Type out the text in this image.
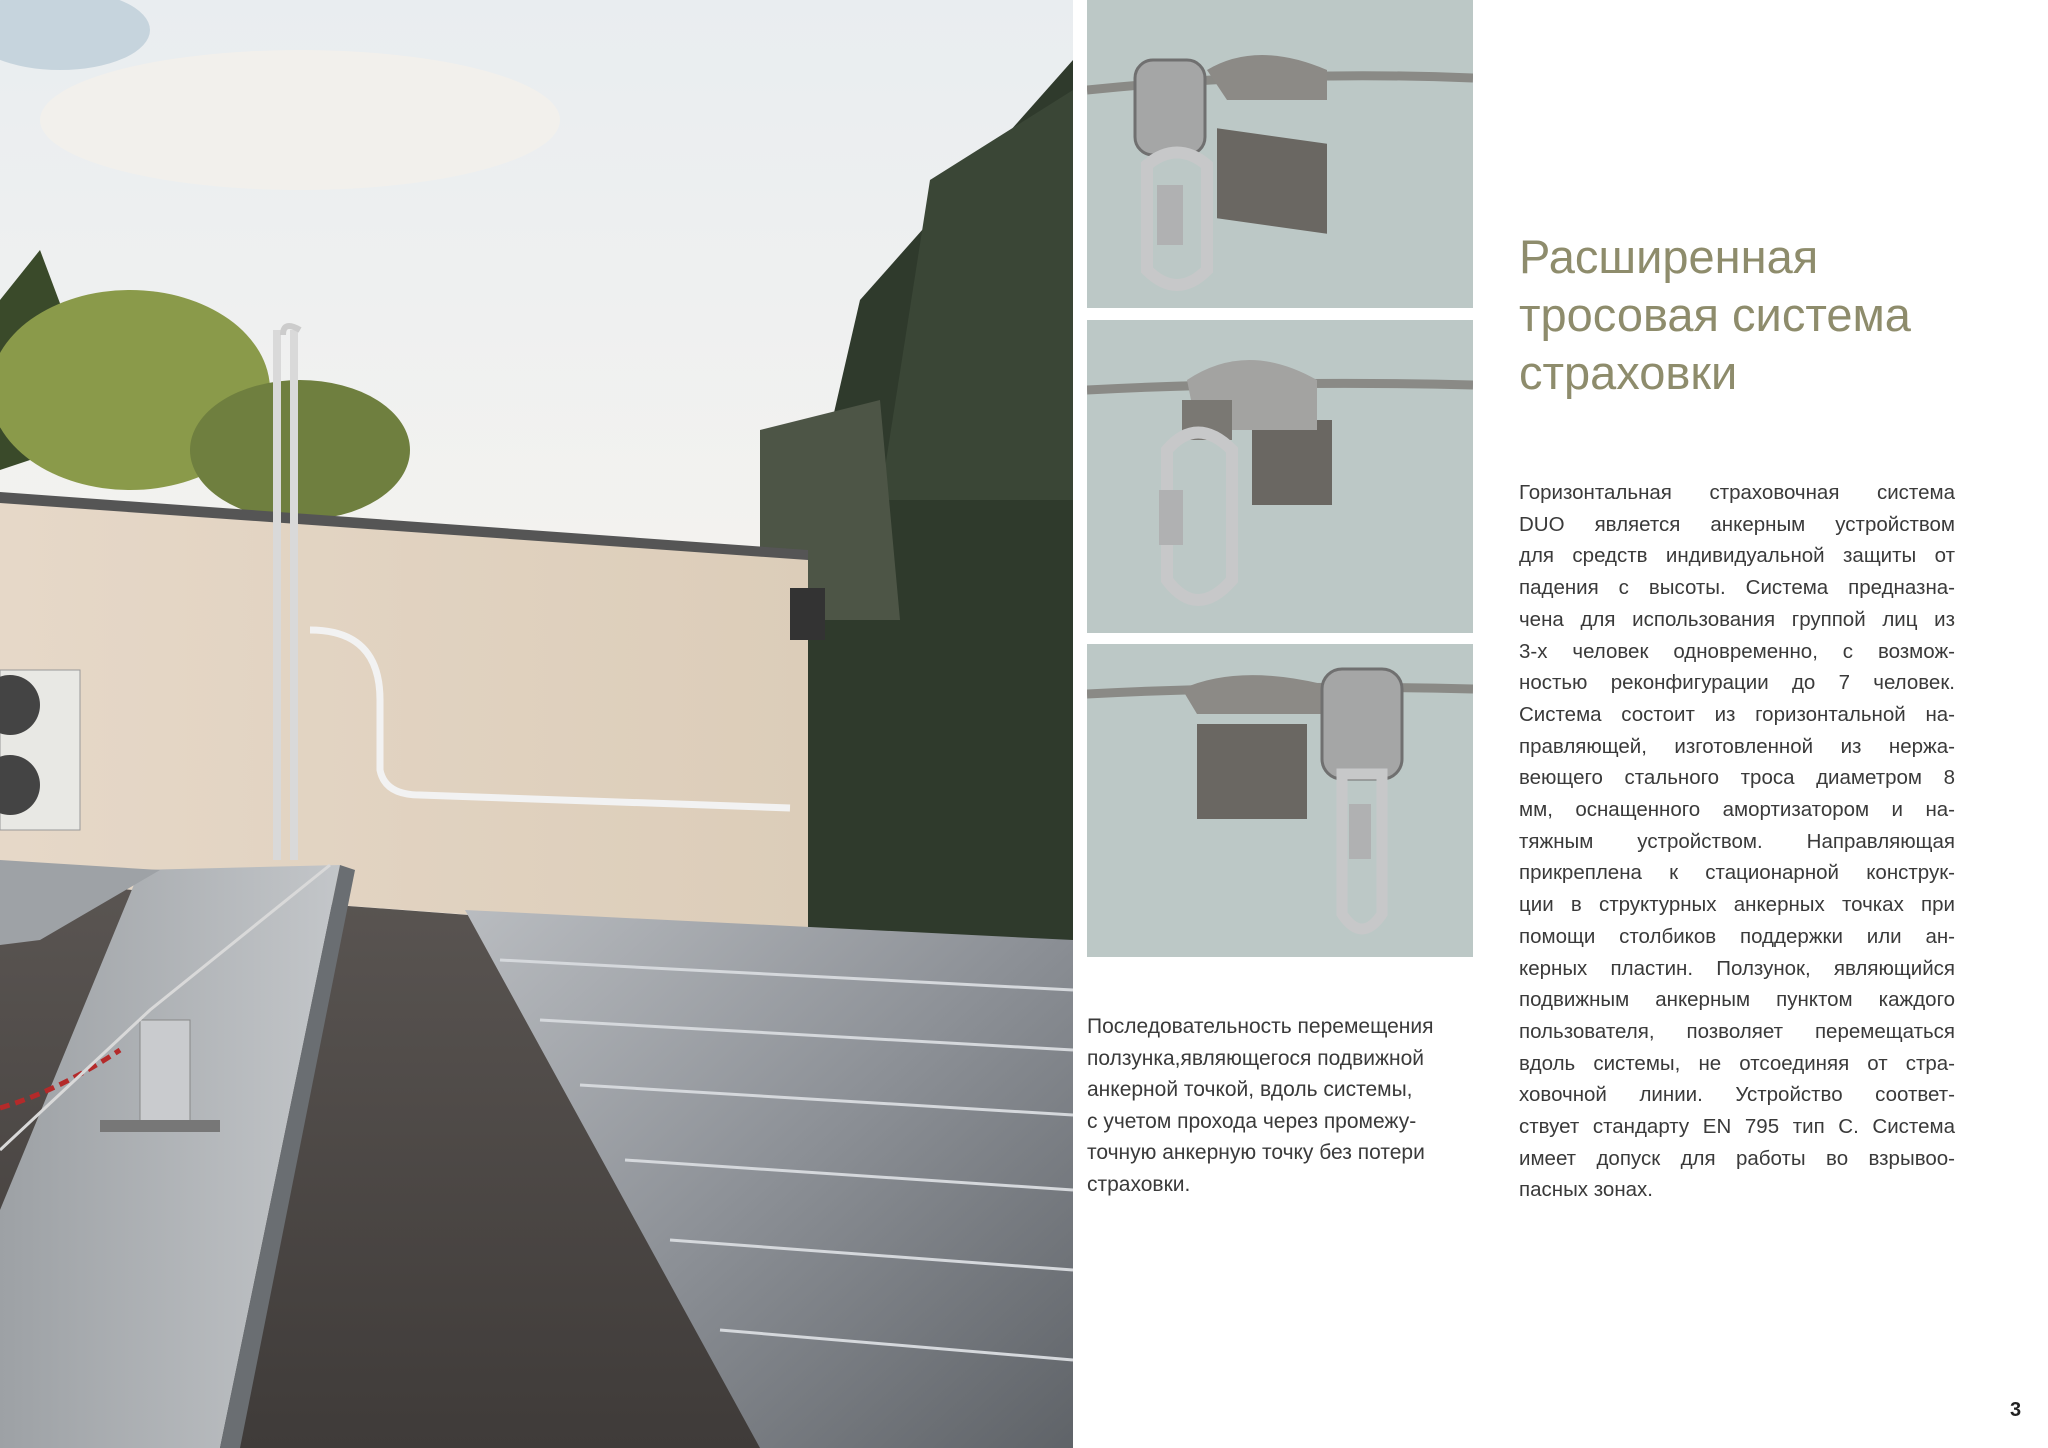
Последовательность перемещения
ползунка,являющегося подвижной
анкерной точкой, вдоль системы,
с учетом прохода через промежу-
точную анкерную точку без потери
страховки.
Расширенная
тросовая система
страховки
Горизонтальная страховочная система
DUO является анкерным устройством
для средств индивидуальной защиты от
падения с высоты. Система предназна-
чена для использования группой лиц из
3-х человек одновременно, с возмож-
ностью реконфигурации до 7 человек.
Система состоит из горизонтальной на-
правляющей, изготовленной из нержа-
веющего стального троса диаметром 8
мм, оснащенного амортизатором и на-
тяжным устройством. Направляющая
прикреплена к стационарной конструк-
ции в структурных анкерных точках при
помощи столбиков поддержки или ан-
керных пластин. Ползунок, являющийся
подвижным анкерным пунктом каждого
пользователя, позволяет перемещаться
вдоль системы, не отсоединяя от стра-
ховочной линии. Устройство соответ-
ствует стандарту EN 795 тип C. Система
имеет допуск для работы во взрывоо-
пасных зонах.
3
